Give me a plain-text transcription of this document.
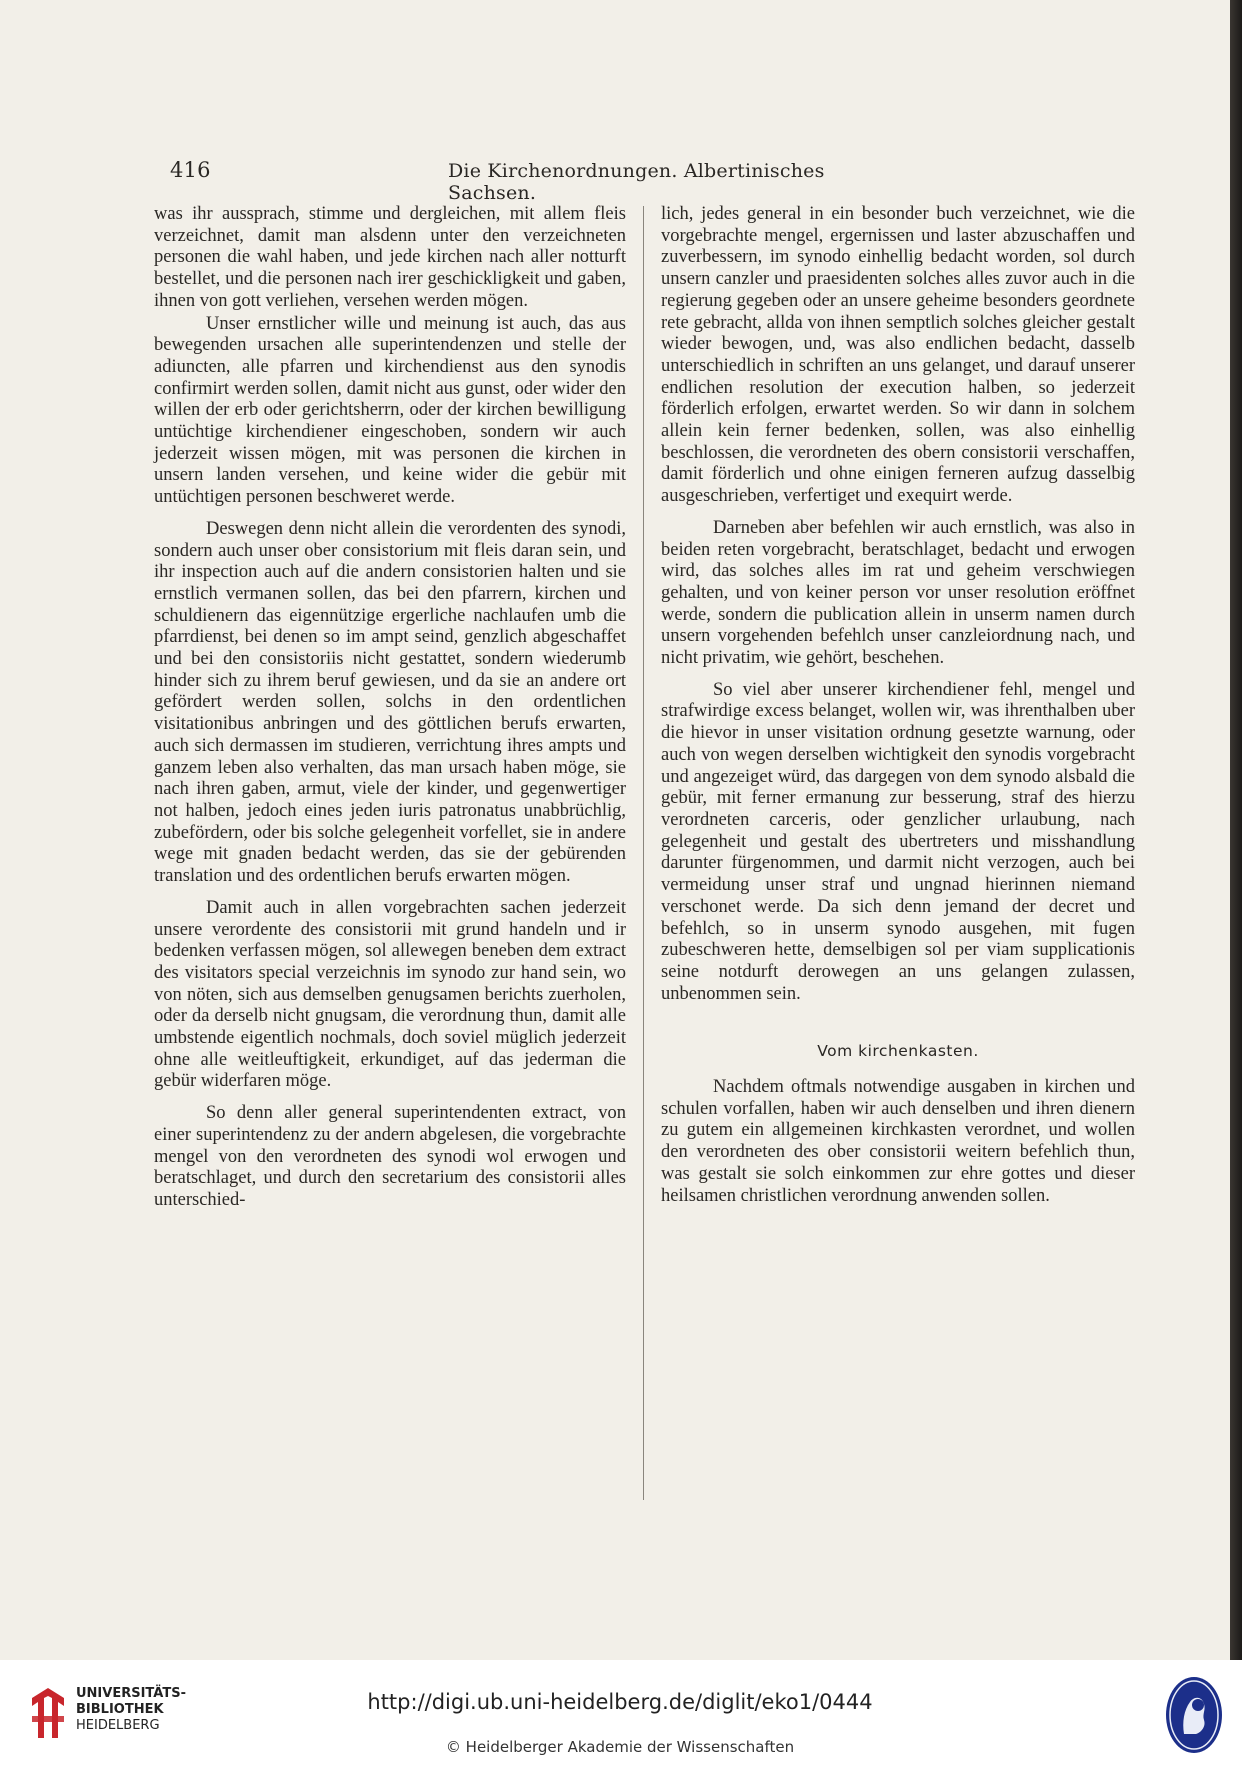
416	Die Kirchenordnungen. Albertinisches Sachsen.

was ihr aussprach, stimme und dergleichen, mit allem fleis verzeichnet, damit man alsdenn unter den verzeichneten personen die wahl haben, und jede kirchen nach aller notturft bestellet, und die personen nach irer geschickligkeit und gaben, ihnen von gott verliehen, versehen werden mögen.

Unser ernstlicher wille und meinung ist auch, das aus bewegenden ursachen alle superintendenzen und stelle der adiuncten, alle pfarren und kirchendienst aus den synodis confirmirt werden sollen, damit nicht aus gunst, oder wider den willen der erb oder gerichtsherrn, oder der kirchen bewilligung untüchtige kirchendiener eingeschoben, sondern wir auch jederzeit wissen mögen, mit was personen die kirchen in unsern landen versehen, und keine wider die gebür mit untüchtigen personen beschweret werde.

Deswegen denn nicht allein die verordenten des synodi, sondern auch unser ober consistorium mit fleis daran sein, und ihr inspection auch auf die andern consistorien halten und sie ernstlich vermanen sollen, das bei den pfarrern, kirchen und schuldienern das eigennützige ergerliche nachlaufen umb die pfarrdienst, bei denen so im ampt seind, genzlich abgeschaffet und bei den consistoriis nicht gestattet, sondern wiederumb hinder sich zu ihrem beruf gewiesen, und da sie an andere ort gefördert werden sollen, solchs in den ordentlichen visitationibus anbringen und des göttlichen berufs erwarten, auch sich dermassen im studieren, verrichtung ihres ampts und ganzem leben also verhalten, das man ursach haben möge, sie nach ihren gaben, armut, viele der kinder, und gegenwertiger not halben, jedoch eines jeden iuris patronatus unabbrüchlig, zubefördern, oder bis solche gelegenheit vorfellet, sie in andere wege mit gnaden bedacht werden, das sie der gebürenden translation und des ordentlichen berufs erwarten mögen.

Damit auch in allen vorgebrachten sachen jederzeit unsere verordente des consistorii mit grund handeln und ir bedenken verfassen mögen, sol allewegen beneben dem extract des visitators special verzeichnis im synodo zur hand sein, wo von nöten, sich aus demselben genugsamen berichts zuerholen, oder da derselb nicht gnugsam, die verordnung thun, damit alle umbstende eigentlich nochmals, doch soviel müglich jederzeit ohne alle weitleuftigkeit, erkundiget, auf das jederman die gebür widerfaren möge.

So denn aller general superintendenten extract, von einer superintendenz zu der andern abgelesen, die vorgebrachte mengel von den verordneten des synodi wol erwogen und beratschlaget, und durch den secretarium des consistorii alles unterschied-

lich, jedes general in ein besonder buch verzeichnet, wie die vorgebrachte mengel, ergernissen und laster abzuschaffen und zuverbessern, im synodo einhellig bedacht worden, sol durch unsern canzler und praesidenten solches alles zuvor auch in die regierung gegeben oder an unsere geheime besonders geordnete rete gebracht, allda von ihnen semptlich solches gleicher gestalt wieder bewogen, und, was also endlichen bedacht, dasselb unterschiedlich in schriften an uns gelanget, und darauf unserer endlichen resolution der execution halben, so jederzeit förderlich erfolgen, erwartet werden. So wir dann in solchem allein kein ferner bedenken, sollen, was also einhellig beschlossen, die verordneten des obern consistorii verschaffen, damit förderlich und ohne einigen ferneren aufzug dasselbig ausgeschrieben, verfertiget und exequirt werde.

Darneben aber befehlen wir auch ernstlich, was also in beiden reten vorgebracht, beratschlaget, bedacht und erwogen wird, das solches alles im rat und geheim verschwiegen gehalten, und von keiner person vor unser resolution eröffnet werde, sondern die publication allein in unserm namen durch unsern vorgehenden befehlch unser canzleiordnung nach, und nicht privatim, wie gehört, beschehen.

So viel aber unserer kirchendiener fehl, mengel und strafwirdige excess belanget, wollen wir, was ihrenthalben uber die hievor in unser visitation ordnung gesetzte warnung, oder auch von wegen derselben wichtigkeit den synodis vorgebracht und angezeiget würd, das dargegen von dem synodo alsbald die gebür, mit ferner ermanung zur besserung, straf des hierzu verordneten carceris, oder genzlicher urlaubung, nach gelegenheit und gestalt des ubertreters und misshandlung darunter fürgenommen, und darmit nicht verzogen, auch bei vermeidung unser straf und ungnad hierinnen niemand verschonet werde. Da sich denn jemand der decret und befehlch, so in unserm synodo ausgehen, mit fugen zubeschweren hette, demselbigen sol per viam supplicationis seine notdurft derowegen an uns gelangen zulassen, unbenommen sein.

Vom kirchenkasten.

Nachdem oftmals notwendige ausgaben in kirchen und schulen vorfallen, haben wir auch denselben und ihren dienern zu gutem ein allgemeinen kirchkasten verordnet, und wollen den verordneten des ober consistorii weitern befehlich thun, was gestalt sie solch einkommen zur ehre gottes und dieser heilsamen christlichen verordnung anwenden sollen.

UNIVERSITÄTS-
BIBLIOTHEK
HEIDELBERG
http://digi.ub.uni-heidelberg.de/diglit/eko1/0444
© Heidelberger Akademie der Wissenschaften
